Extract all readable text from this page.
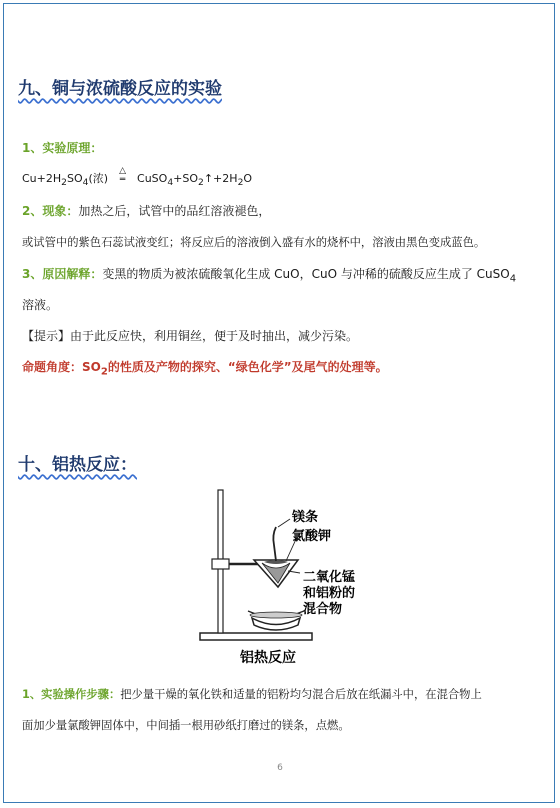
九、铜与浓硫酸反应的实验
1、实验原理：
$Cu+2H_2SO_4$(浓)
△
═ $CuSO_4+SO_2↑+2H_2O$
2、现象：加热之后，试管中的品红溶液褪色，
或试管中的紫色石蕊试液变红；将反应后的溶液倒入盛有水的烧杯中，溶液由黑色变成蓝色。
3、原因解释：变黑的物质为被浓硫酸氧化生成 CuO，CuO 与冲稀的硫酸反应生成了 CuSO$_4$
溶液。
【提示】由于此反应快，利用铜丝，便于及时抽出，减少污染。
命题角度：$SO_2$的性质及产物的探究、“绿色化学”及尾气的处理等。
十、铝热反应：
镁条
氯酸钾
二氧化锰
和铝粉的
混合物
铝热反应
1、实验操作步骤：把少量干燥的氧化铁和适量的铝粉均匀混合后放在纸漏斗中，在混合物上
面加少量氯酸钾固体中，中间插一根用砂纸打磨过的镁条，点燃。
6
